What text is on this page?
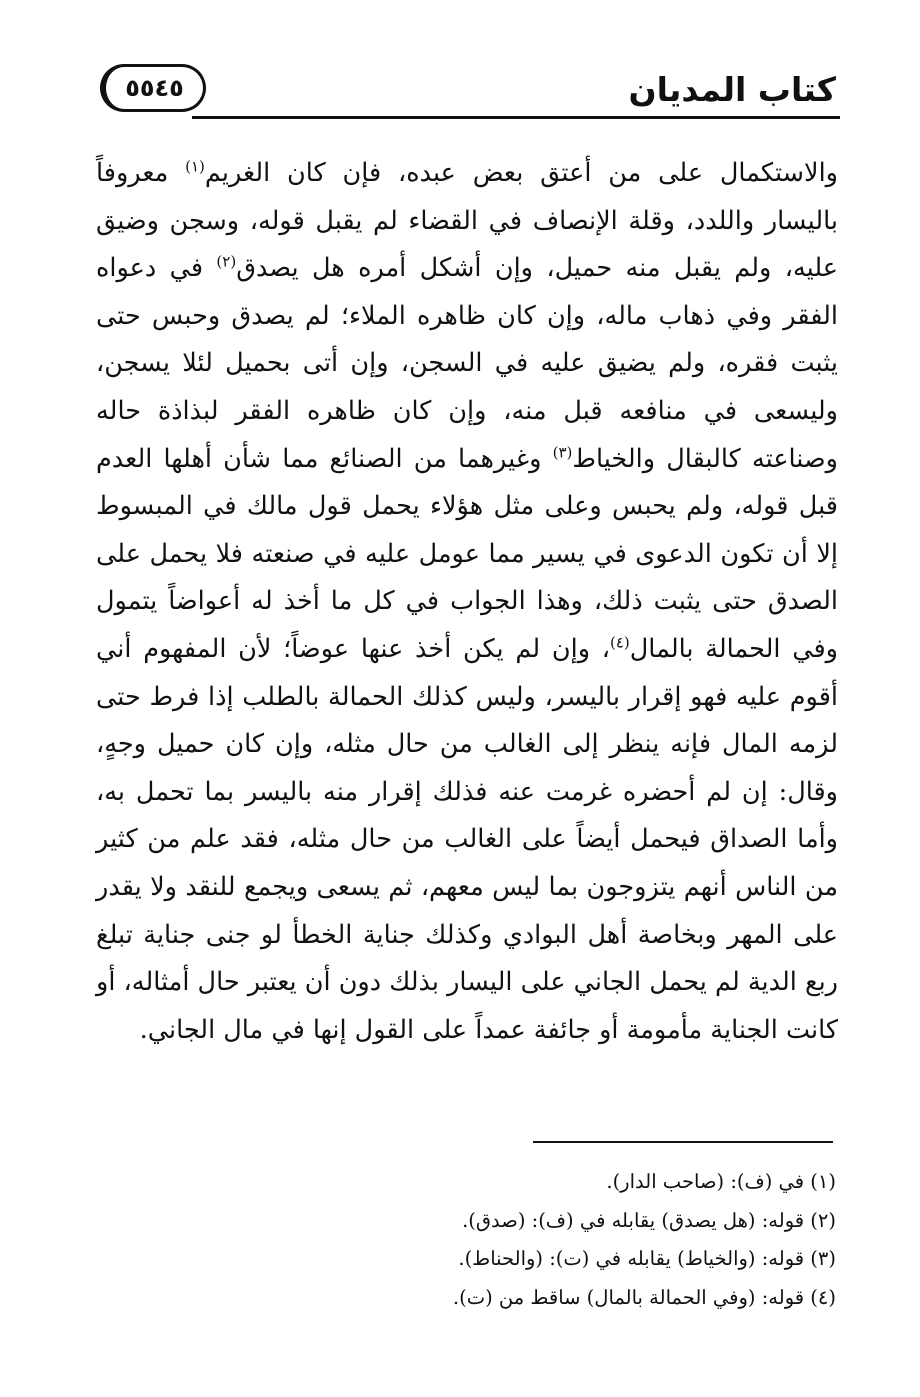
٥٥٤٥	كتاب المديان
والاستكمال على من أعتق بعض عبده، فإن كان الغريم$^{(١)}$ معروفاً باليسار واللدد، وقلة الإنصاف في القضاء لم يقبل قوله، وسجن وضيق عليه، ولم يقبل منه حميل، وإن أشكل أمره هل يصدق$^{(٢)}$ في دعواه الفقر وفي ذهاب ماله، وإن كان ظاهره الملاء؛ لم يصدق وحبس حتى يثبت فقره، ولم يضيق عليه في السجن، وإن أتى بحميل لئلا يسجن، وليسعى في منافعه قبل منه، وإن كان ظاهره الفقر لبذاذة حاله وصناعته كالبقال والخياط$^{(٣)}$ وغيرهما من الصنائع مما شأن أهلها العدم قبل قوله، ولم يحبس وعلى مثل هؤلاء يحمل قول مالك في المبسوط إلا أن تكون الدعوى في يسير مما عومل عليه في صنعته فلا يحمل على الصدق حتى يثبت ذلك، وهذا الجواب في كل ما أخذ له أعواضاً يتمول وفي الحمالة بالمال$^{(٤)}$، وإن لم يكن أخذ عنها عوضاً؛ لأن المفهوم أني أقوم عليه فهو إقرار باليسر، وليس كذلك الحمالة بالطلب إذا فرط حتى لزمه المال فإنه ينظر إلى الغالب من حال مثله، وإن كان حميل وجهٍ، وقال: إن لم أحضره غرمت عنه فذلك إقرار منه باليسر بما تحمل به، وأما الصداق فيحمل أيضاً على الغالب من حال مثله، فقد علم من كثير من الناس أنهم يتزوجون بما ليس معهم، ثم يسعى ويجمع للنقد ولا يقدر على المهر وبخاصة أهل البوادي وكذلك جناية الخطأ لو جنى جناية تبلغ ربع الدية لم يحمل الجاني على اليسار بذلك دون أن يعتبر حال أمثاله، أو كانت الجناية مأمومة أو جائفة عمداً على القول إنها في مال الجاني.
(١) في (ف): (صاحب الدار).
(٢) قوله: (هل يصدق) يقابله في (ف): (صدق).
(٣) قوله: (والخياط) يقابله في (ت): (والحناط).
(٤) قوله: (وفي الحمالة بالمال) ساقط من (ت).
